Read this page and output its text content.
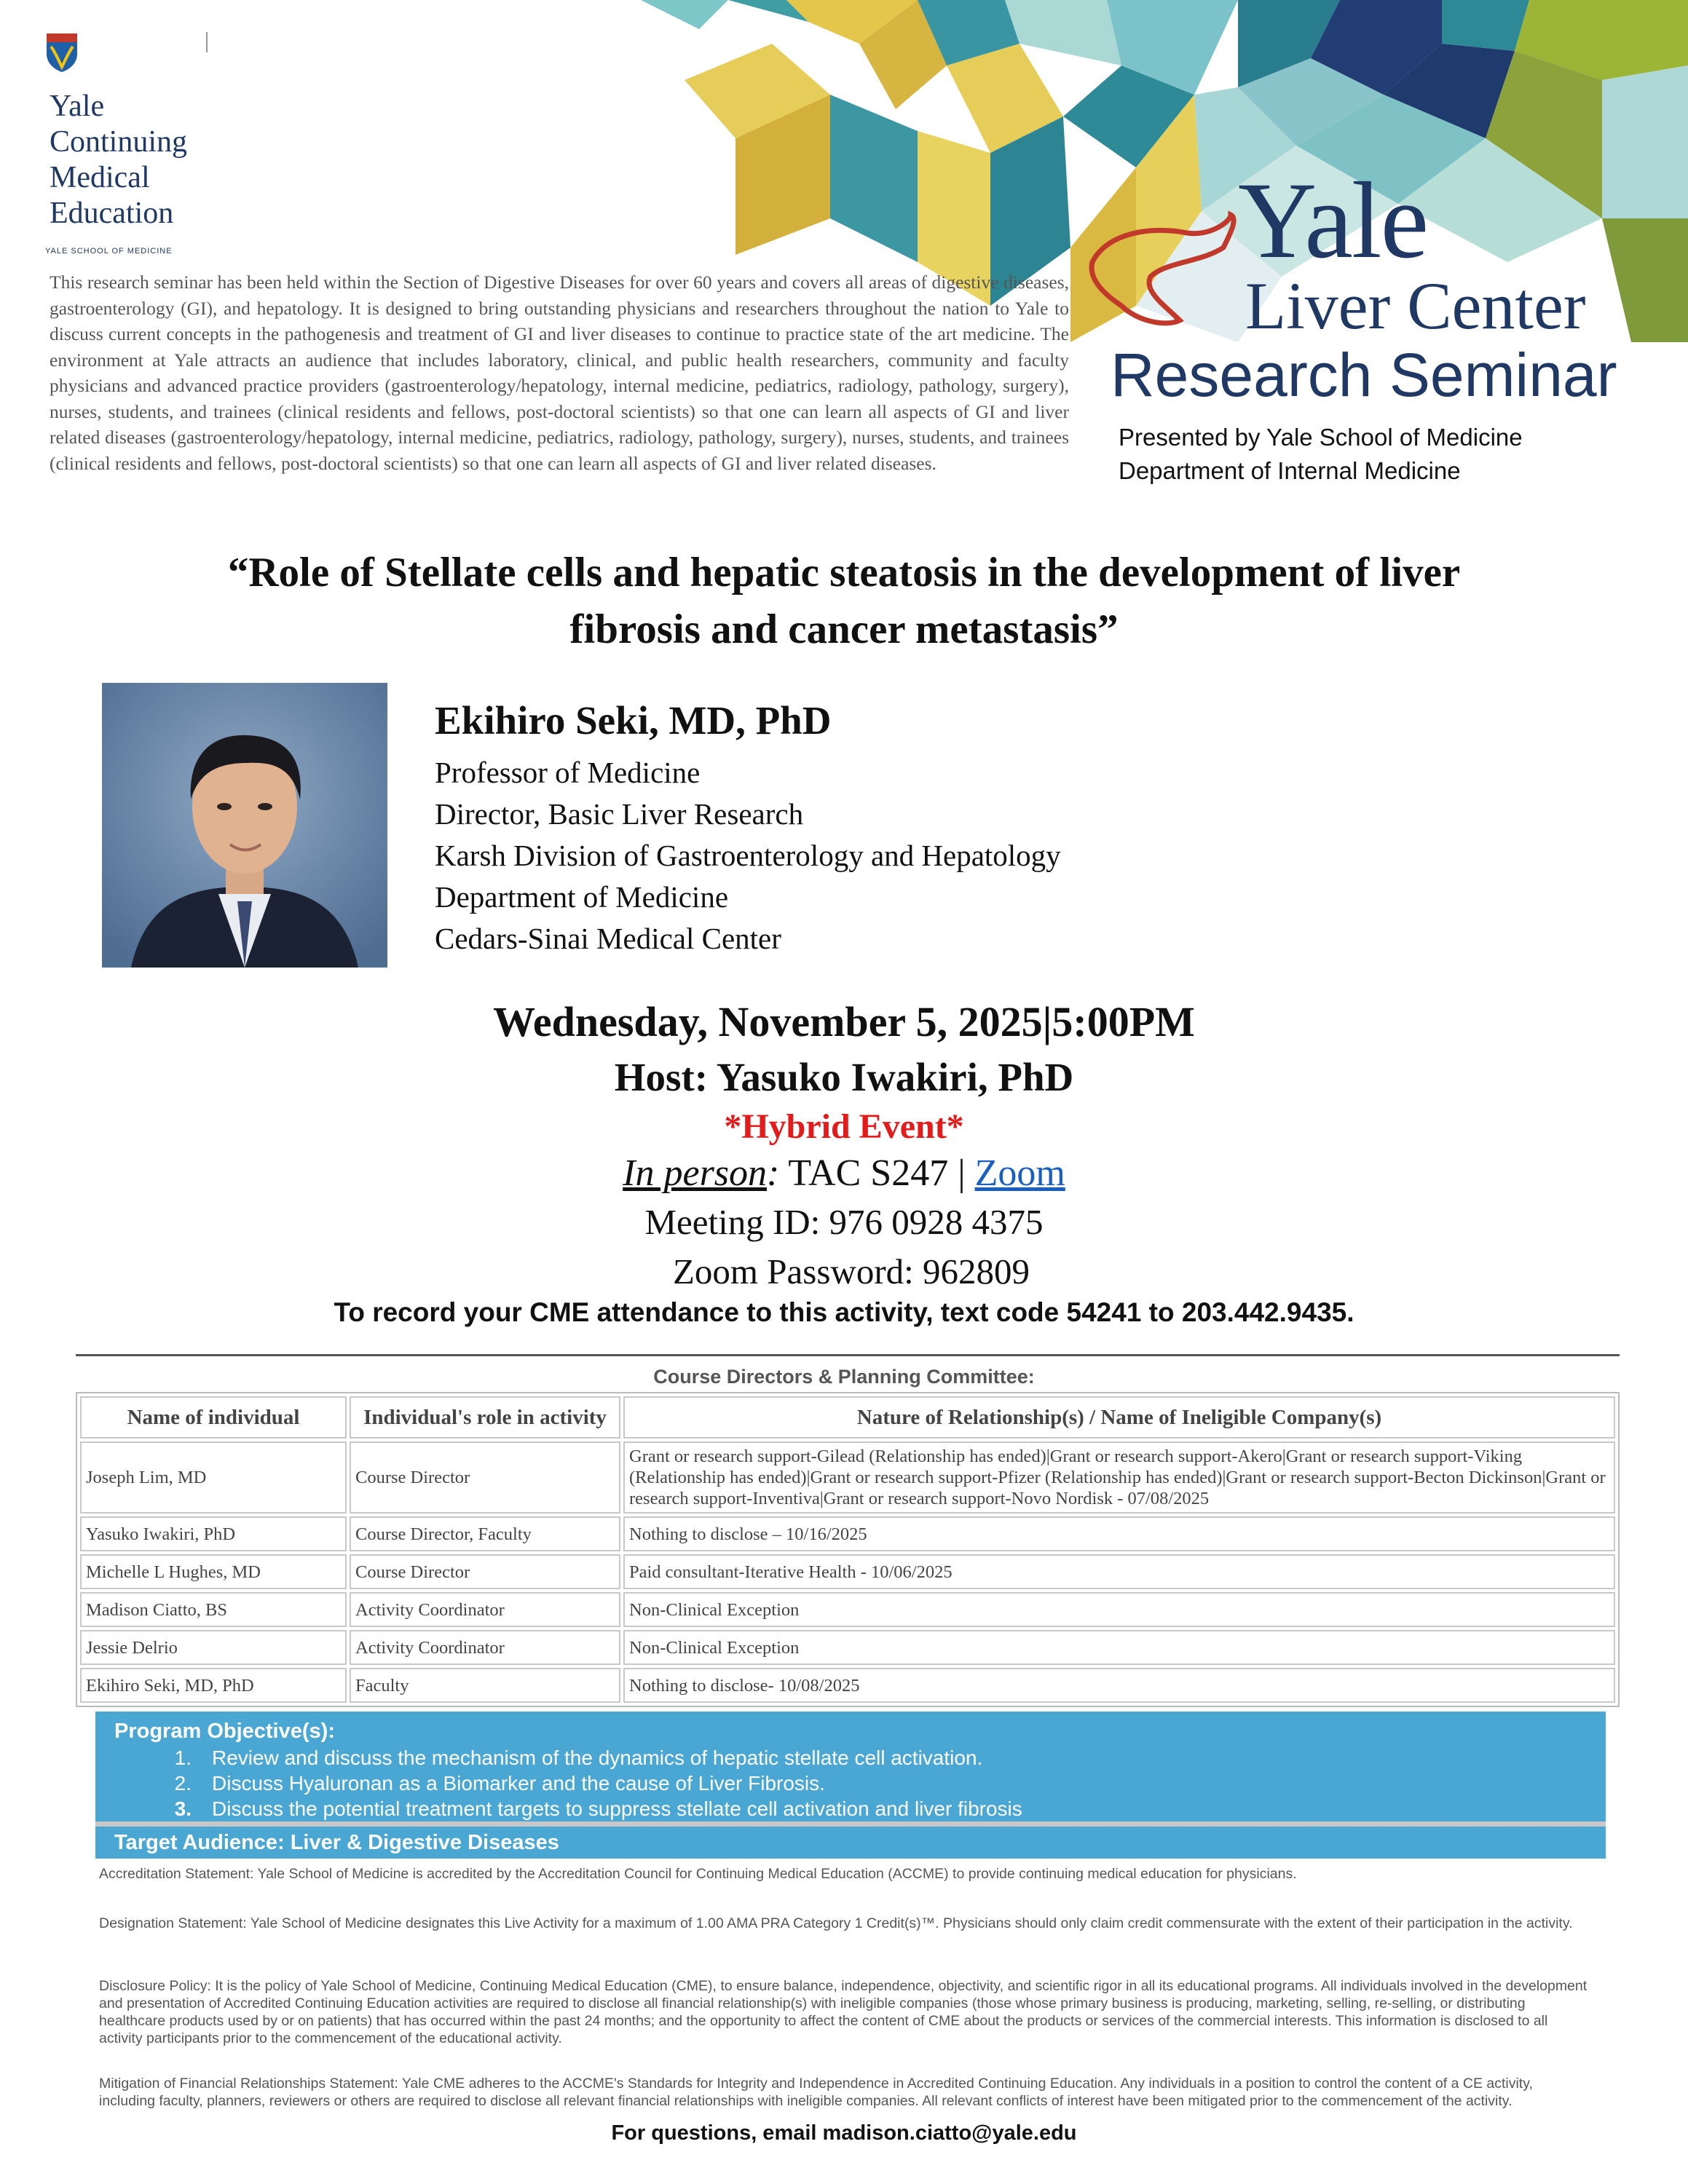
Yale
Continuing
Medical
Education
YALE SCHOOL OF MEDICINE
This research seminar has been held within the Section of Digestive Diseases for over 60 years and covers all areas of digestive diseases, gastroenterology (GI), and hepatology. It is designed to bring outstanding physicians and researchers throughout the nation to Yale to discuss current concepts in the pathogenesis and treatment of GI and liver diseases to continue to practice state of the art medicine. The environment at Yale attracts an audience that includes laboratory, clinical, and public health researchers, community and faculty physicians and advanced practice providers (gastroenterology/hepatology, internal medicine, pediatrics, radiology, pathology, surgery), nurses, students, and trainees (clinical residents and fellows, post-doctoral scientists) so that one can learn all aspects of GI and liver related diseases (gastroenterology/hepatology, internal medicine, pediatrics, radiology, pathology, surgery), nurses, students, and trainees (clinical residents and fellows, post-doctoral scientists) so that one can learn all aspects of GI and liver related diseases.
Yale
Liver Center
Research Seminar
Presented by Yale School of Medicine
Department of Internal Medicine
“Role of Stellate cells and hepatic steatosis in the development of liver
fibrosis and cancer metastasis”
Ekihiro Seki, MD, PhD
Professor of Medicine
Director, Basic Liver Research
Karsh Division of Gastroenterology and Hepatology
Department of Medicine
Cedars-Sinai Medical Center
Wednesday, November 5, 2025|5:00PM
Host: Yasuko Iwakiri, PhD
*Hybrid Event*
In person: TAC S247 | Zoom
Meeting ID: 976 0928 4375
Zoom Password: 962809
To record your CME attendance to this activity, text code 54241 to 203.442.9435.
Course Directors & Planning Committee:
Name of individual	Individual's role in activity	Nature of Relationship(s) / Name of Ineligible Company(s)
Joseph Lim, MD	Course Director	Grant or research support-Gilead (Relationship has ended)|Grant or research support-Akero|Grant or research support-Viking (Relationship has ended)|Grant or research support-Pfizer (Relationship has ended)|Grant or research support-Becton Dickinson|Grant or research support-Inventiva|Grant or research support-Novo Nordisk - 07/08/2025
Yasuko Iwakiri, PhD	Course Director, Faculty	Nothing to disclose – 10/16/2025
Michelle L Hughes, MD	Course Director	Paid consultant-Iterative Health - 10/06/2025
Madison Ciatto, BS	Activity Coordinator	Non-Clinical Exception
Jessie Delrio	Activity Coordinator	Non-Clinical Exception
Ekihiro Seki, MD, PhD	Faculty	Nothing to disclose- 10/08/2025
Program Objective(s):
1. Review and discuss the mechanism of the dynamics of hepatic stellate cell activation.
2. Discuss Hyaluronan as a Biomarker and the cause of Liver Fibrosis.
3. Discuss the potential treatment targets to suppress stellate cell activation and liver fibrosis
Target Audience: Liver & Digestive Diseases
Accreditation Statement: Yale School of Medicine is accredited by the Accreditation Council for Continuing Medical Education (ACCME) to provide continuing medical education for physicians.
Designation Statement: Yale School of Medicine designates this Live Activity for a maximum of 1.00 AMA PRA Category 1 Credit(s)™. Physicians should only claim credit commensurate with the extent of their participation in the activity.
Disclosure Policy: It is the policy of Yale School of Medicine, Continuing Medical Education (CME), to ensure balance, independence, objectivity, and scientific rigor in all its educational programs. All individuals involved in the development and presentation of Accredited Continuing Education activities are required to disclose all financial relationship(s) with ineligible companies (those whose primary business is producing, marketing, selling, re-selling, or distributing healthcare products used by or on patients) that has occurred within the past 24 months; and the opportunity to affect the content of CME about the products or services of the commercial interests. This information is disclosed to all activity participants prior to the commencement of the educational activity.
Mitigation of Financial Relationships Statement: Yale CME adheres to the ACCME's Standards for Integrity and Independence in Accredited Continuing Education. Any individuals in a position to control the content of a CE activity, including faculty, planners, reviewers or others are required to disclose all relevant financial relationships with ineligible companies. All relevant conflicts of interest have been mitigated prior to the commencement of the activity.
For questions, email madison.ciatto@yale.edu
